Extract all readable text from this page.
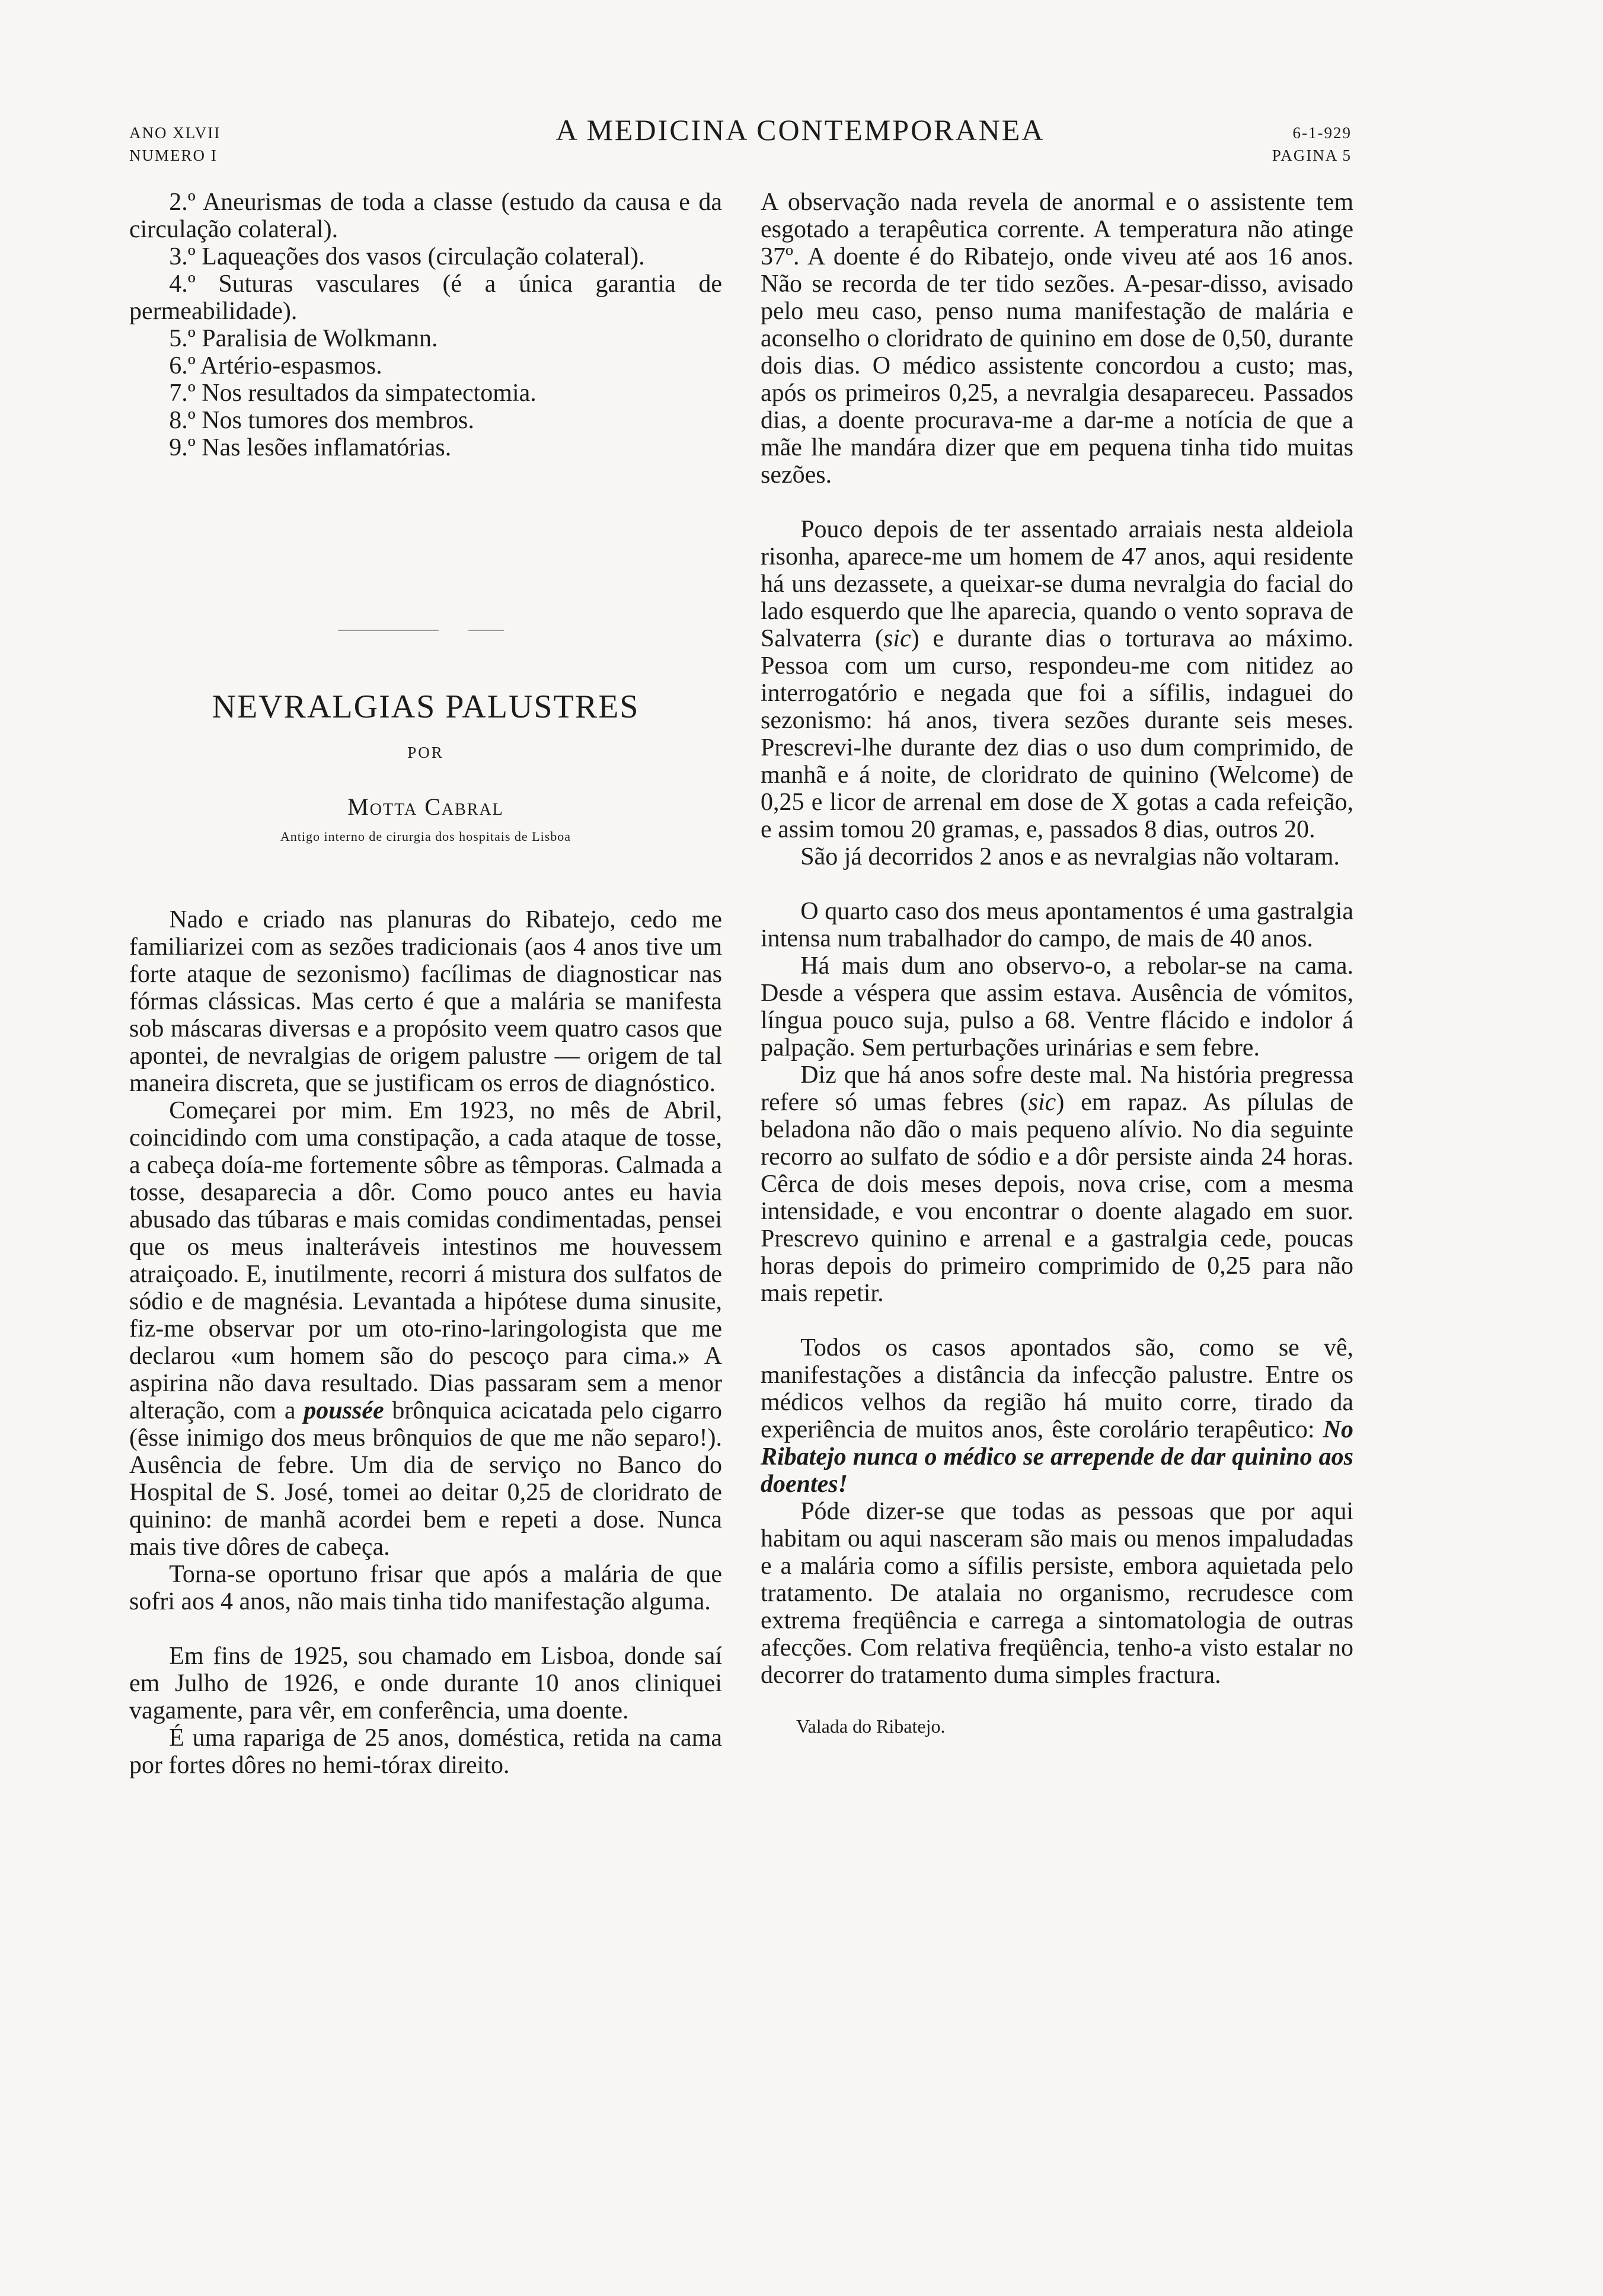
ANO XLVII
NUMERO I
A MEDICINA CONTEMPORANEA	6-1-929
PAGINA 5

2.º Aneurismas de toda a classe (estudo da causa e da circulação colateral).

3.º Laqueações dos vasos (circulação colateral).

4.º Suturas vasculares (é a única garantia de permeabilidade).

5.º Paralisia de Wolkmann.

6.º Artério-espasmos.

7.º Nos resultados da simpatectomia.

8.º Nos tumores dos membros.

9.º Nas lesões inflamatórias.

NEVRALGIAS PALUSTRES

POR

Motta Cabral

Antigo interno de cirurgia dos hospitais de Lisboa

Nado e criado nas planuras do Ribatejo, cedo me familiarizei com as sezões tradicionais (aos 4 anos tive um forte ataque de sezonismo) facílimas de diagnosticar nas fórmas clássicas. Mas certo é que a malária se manifesta sob máscaras diversas e a propósito veem quatro casos que apontei, de nevralgias de origem palustre — origem de tal maneira discreta, que se justificam os erros de diagnóstico.

Começarei por mim. Em 1923, no mês de Abril, coincidindo com uma constipação, a cada ataque de tosse, a cabeça doía-me fortemente sôbre as têmporas. Calmada a tosse, desaparecia a dôr. Como pouco antes eu havia abusado das túbaras e mais comidas condimentadas, pensei que os meus inalteráveis intestinos me houvessem atraiçoado. E, inutilmente, recorri á mistura dos sulfatos de sódio e de magnésia. Levantada a hipótese duma sinusite, fiz-me observar por um oto-rino-laringologista que me declarou «um homem são do pescoço para cima.» A aspirina não dava resultado. Dias passaram sem a menor alteração, com a poussée brônquica acicatada pelo cigarro (êsse inimigo dos meus brônquios de que me não separo!). Ausência de febre. Um dia de serviço no Banco do Hospital de S. José, tomei ao deitar 0,25 de cloridrato de quinino: de manhã acordei bem e repeti a dose. Nunca mais tive dôres de cabeça.

Torna-se oportuno frisar que após a malária de que sofri aos 4 anos, não mais tinha tido manifestação alguma.

Em fins de 1925, sou chamado em Lisboa, donde saí em Julho de 1926, e onde durante 10 anos cliniquei vagamente, para vêr, em conferência, uma doente.

É uma rapariga de 25 anos, doméstica, retida na cama por fortes dôres no hemi-tórax direito.

A observação nada revela de anormal e o assistente tem esgotado a terapêutica corrente. A temperatura não atinge 37º. A doente é do Ribatejo, onde viveu até aos 16 anos. Não se recorda de ter tido sezões. A-pesar-disso, avisado pelo meu caso, penso numa manifestação de malária e aconselho o cloridrato de quinino em dose de 0,50, durante dois dias. O médico assistente concordou a custo; mas, após os primeiros 0,25, a nevralgia desapareceu. Passados dias, a doente procurava-me a dar-me a notícia de que a mãe lhe mandára dizer que em pequena tinha tido muitas sezões.

Pouco depois de ter assentado arraiais nesta aldeiola risonha, aparece-me um homem de 47 anos, aqui residente há uns dezassete, a queixar-se duma nevralgia do facial do lado esquerdo que lhe aparecia, quando o vento soprava de Salvaterra (sic) e durante dias o torturava ao máximo. Pessoa com um curso, respondeu-me com nitidez ao interrogatório e negada que foi a sífilis, indaguei do sezonismo: há anos, tivera sezões durante seis meses. Prescrevi-lhe durante dez dias o uso dum comprimido, de manhã e á noite, de cloridrato de quinino (Welcome) de 0,25 e licor de arrenal em dose de X gotas a cada refeição, e assim tomou 20 gramas, e, passados 8 dias, outros 20.

São já decorridos 2 anos e as nevralgias não voltaram.

O quarto caso dos meus apontamentos é uma gastralgia intensa num trabalhador do campo, de mais de 40 anos.

Há mais dum ano observo-o, a rebolar-se na cama. Desde a véspera que assim estava. Ausência de vómitos, língua pouco suja, pulso a 68. Ventre flácido e indolor á palpação. Sem perturbações urinárias e sem febre.

Diz que há anos sofre deste mal. Na história pregressa refere só umas febres (sic) em rapaz. As pílulas de beladona não dão o mais pequeno alívio. No dia seguinte recorro ao sulfato de sódio e a dôr persiste ainda 24 horas. Cêrca de dois meses depois, nova crise, com a mesma intensidade, e vou encontrar o doente alagado em suor. Prescrevo quinino e arrenal e a gastralgia cede, poucas horas depois do primeiro comprimido de 0,25 para não mais repetir.

Todos os casos apontados são, como se vê, manifestações a distância da infecção palustre. Entre os médicos velhos da região há muito corre, tirado da experiência de muitos anos, êste corolário terapêutico: No Ribatejo nunca o médico se arrepende de dar quinino aos doentes!

Póde dizer-se que todas as pessoas que por aqui habitam ou aqui nasceram são mais ou menos impaludadas e a malária como a sífilis persiste, embora aquietada pelo tratamento. De atalaia no organismo, recrudesce com extrema freqüência e carrega a sintomatologia de outras afecções. Com relativa freqüência, tenho-a visto estalar no decorrer do tratamento duma simples fractura.

Valada do Ribatejo.
